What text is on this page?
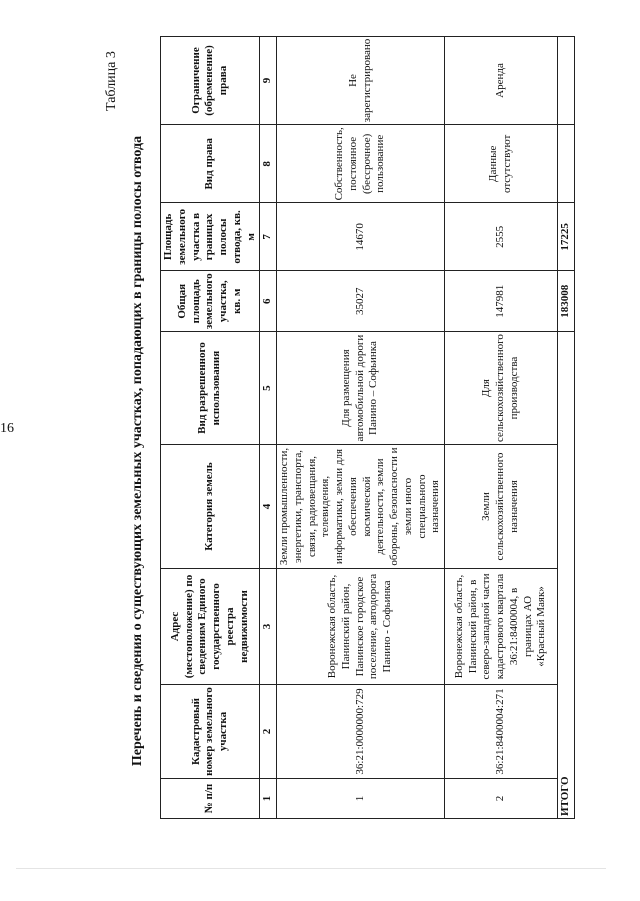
16
Таблица 3
Перечень и сведения о существующих земельных участках, попадающих в границы полосы отвода
№ п/п	Кадастровый номер земельного участка	Адрес (местоположение) по сведениям Единого государственного реестра недвижимости	Категория земель	Вид разрешенного использования	Общая площадь земельного участка, кв. м	Площадь земельного участка в границах полосы отвода, кв. м	Вид права	Ограничение (обременение) права
1	2	3	4	5	6	7	8	9
1	36:21:0000000:729	Воронежская область, Панинский район, Панинское городское поселение, автодорога Панино - Софьинка	Земли промышленности, энергетики, транспорта, связи, радиовещания, телевидения, информатики, земли для обеспечения космической деятельности, земли обороны, безопасности и земли иного специального назначения	Для размещения автомобильной дороги Панино – Софьинка	35027	14670	Собственность, постоянное (бессрочное) пользование	Не зарегистрировано
2	36:21:8400004:271	Воронежская область, Панинский район, в северо-западной части кадастрового квартала 36:21:8400004, в границах АО «Красный Маяк»	Земли сельскохозяйственного назначения	Для сельскохозяйственного производства	147981	2555	Данные отсутствуют	Аренда
ИТОГО					183008	17225		
